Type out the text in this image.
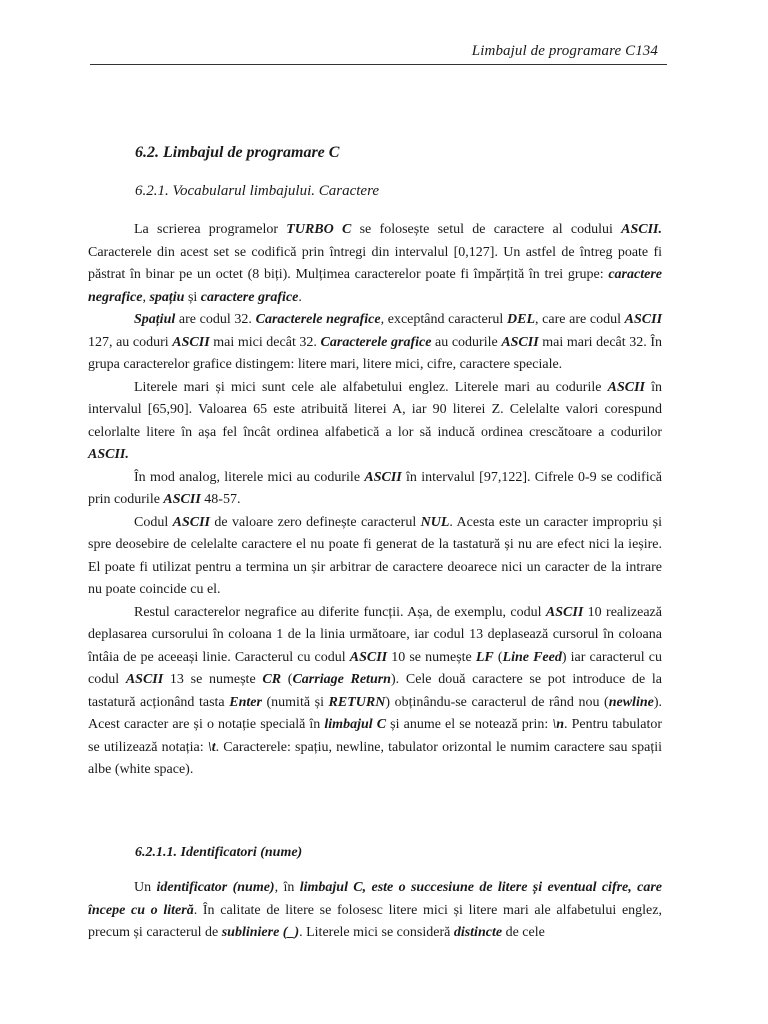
Limbajul de programare C134
6.2. Limbajul de programare C
6.2.1. Vocabularul limbajului. Caractere

La scrierea programelor TURBO C se folosește setul de caractere al codului ASCII. Caracterele din acest set se codifică prin întregi din intervalul [0,127]. Un astfel de întreg poate fi păstrat în binar pe un octet (8 biți). Mulțimea caracterelor poate fi împărțită în trei grupe: caractere negrafice, spațiu și caractere grafice.

Spațiul are codul 32. Caracterele negrafice, exceptând caracterul DEL, care are codul ASCII 127, au coduri ASCII mai mici decât 32. Caracterele grafice au codurile ASCII mai mari decât 32. În grupa caracterelor grafice distingem: litere mari, litere mici, cifre, caractere speciale.

Literele mari și mici sunt cele ale alfabetului englez. Literele mari au codurile ASCII în intervalul [65,90]. Valoarea 65 este atribuită literei A, iar 90 literei Z. Celelalte valori corespund celorlalte litere în așa fel încât ordinea alfabetică a lor să inducă ordinea crescătoare a codurilor ASCII.

În mod analog, literele mici au codurile ASCII în intervalul [97,122]. Cifrele 0-9 se codifică prin codurile ASCII 48-57.

Codul ASCII de valoare zero definește caracterul NUL. Acesta este un caracter impropriu și spre deosebire de celelalte caractere el nu poate fi generat de la tastatură și nu are efect nici la ieșire. El poate fi utilizat pentru a termina un șir arbitrar de caractere deoarece nici un caracter de la intrare nu poate coincide cu el.

Restul caracterelor negrafice au diferite funcții. Așa, de exemplu, codul ASCII 10 realizează deplasarea cursorului în coloana 1 de la linia următoare, iar codul 13 deplasează cursorul în coloana întâia de pe aceeași linie. Caracterul cu codul ASCII 10 se numește LF (Line Feed) iar caracterul cu codul ASCII 13 se numește CR (Carriage Return). Cele două caractere se pot introduce de la tastatură acționând tasta Enter (numită și RETURN) obținându-se caracterul de rând nou (newline). Acest caracter are și o notație specială în limbajul C și anume el se notează prin: \n. Pentru tabulator se utilizează notația: \t. Caracterele: spațiu, newline, tabulator orizontal le numim caractere sau spații albe (white space).

6.2.1.1. Identificatori (nume)

Un identificator (nume), în limbajul C, este o succesiune de litere și eventual cifre, care începe cu o literă. În calitate de litere se folosesc litere mici și litere mari ale alfabetului englez, precum și caracterul de subliniere (_). Literele mici se consideră distincte de cele
